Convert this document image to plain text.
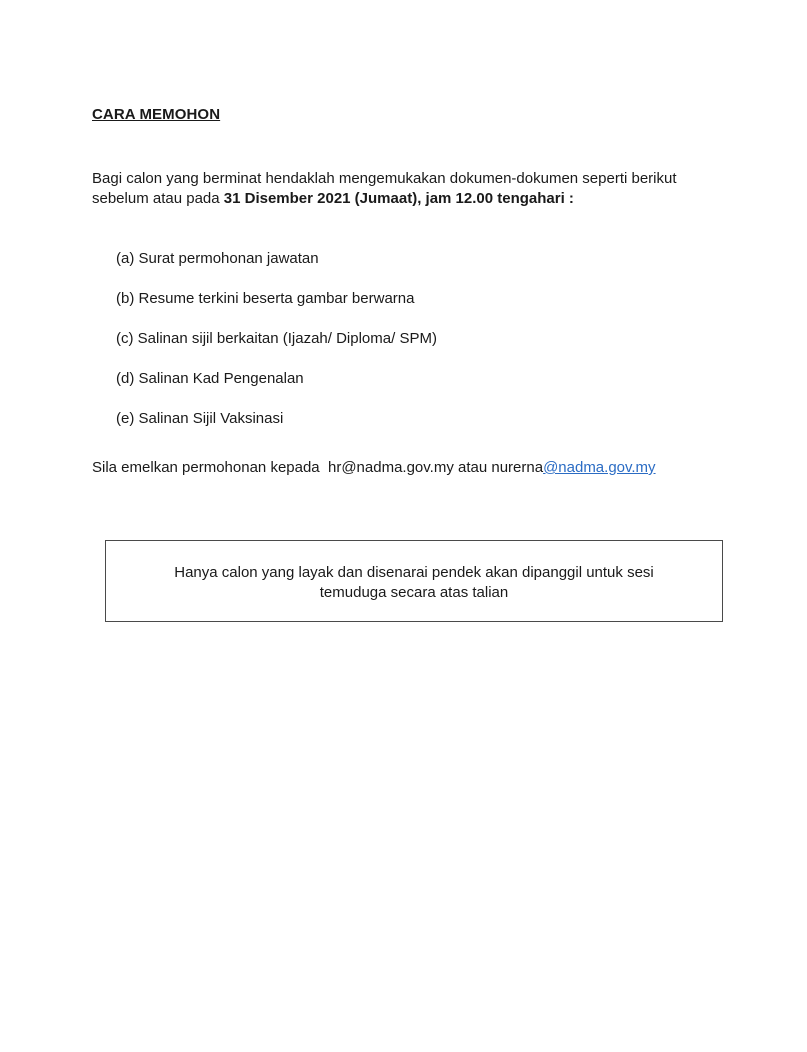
CARA MEMOHON
Bagi calon yang berminat hendaklah mengemukakan dokumen-dokumen seperti berikut
sebelum atau pada 31 Disember 2021 (Jumaat), jam 12.00 tengahari :
(a) Surat permohonan jawatan
(b) Resume terkini beserta gambar berwarna
(c) Salinan sijil berkaitan (Ijazah/ Diploma/ SPM)
(d) Salinan Kad Pengenalan
(e) Salinan Sijil Vaksinasi
Sila emelkan permohonan kepada  hr@nadma.gov.my atau nurerna@nadma.gov.my
Hanya calon yang layak dan disenarai pendek akan dipanggil untuk sesi
temuduga secara atas talian
